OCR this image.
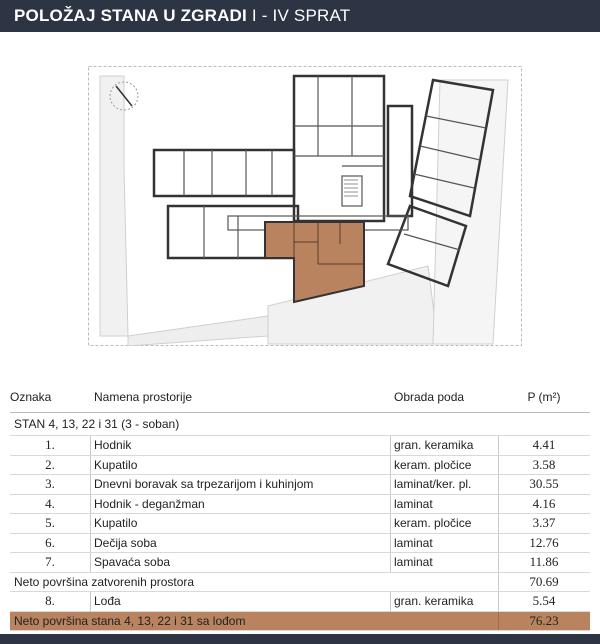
POLOŽAJ STANA U ZGRADI I - IV SPRAT
Oznaka	Namena prostorije	Obrada poda	P (m²)
STAN 4, 13, 22 i 31 (3 - soban)
1.	Hodnik	gran. keramika	4.41
2.	Kupatilo	keram. pločice	3.58
3.	Dnevni boravak sa trpezarijom i kuhinjom	laminat/ker. pl.	30.55
4.	Hodnik - deganžman	laminat	4.16
5.	Kupatilo	keram. pločice	3.37
6.	Dečija soba	laminat	12.76
7.	Spavaća soba	laminat	11.86
Neto površina zatvorenih prostora	70.69
8.	Lođa	gran. keramika	5.54
Neto površina stana 4, 13, 22 i 31 sa lođom	76.23
